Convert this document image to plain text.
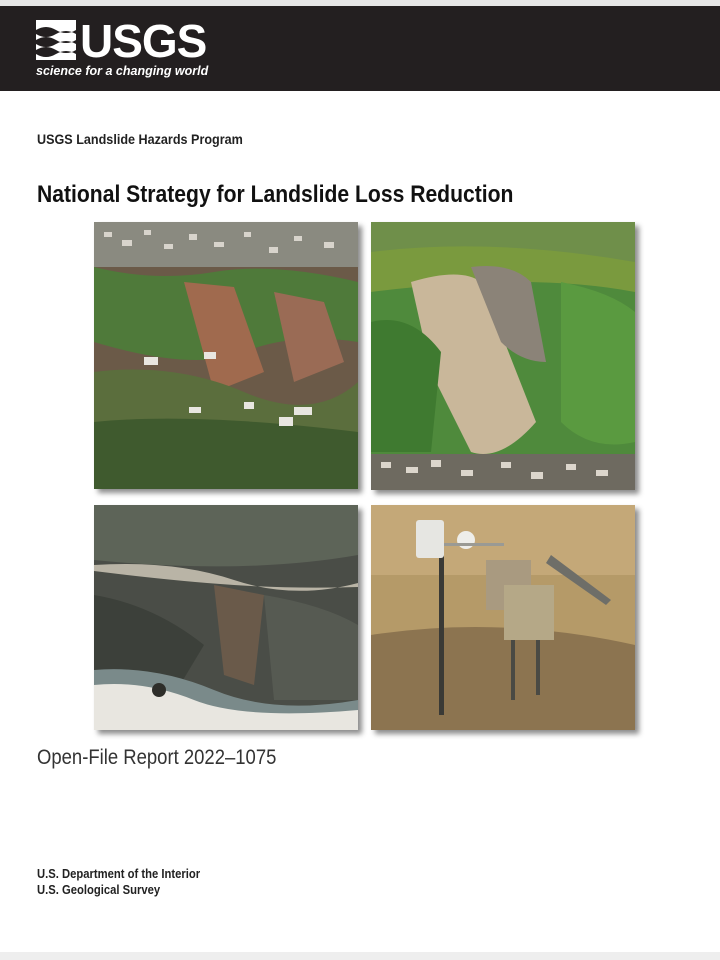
USGS
science for a changing world
USGS Landslide Hazards Program
National Strategy for Landslide Loss Reduction
Open-File Report 2022–1075
U.S. Department of the Interior
U.S. Geological Survey
